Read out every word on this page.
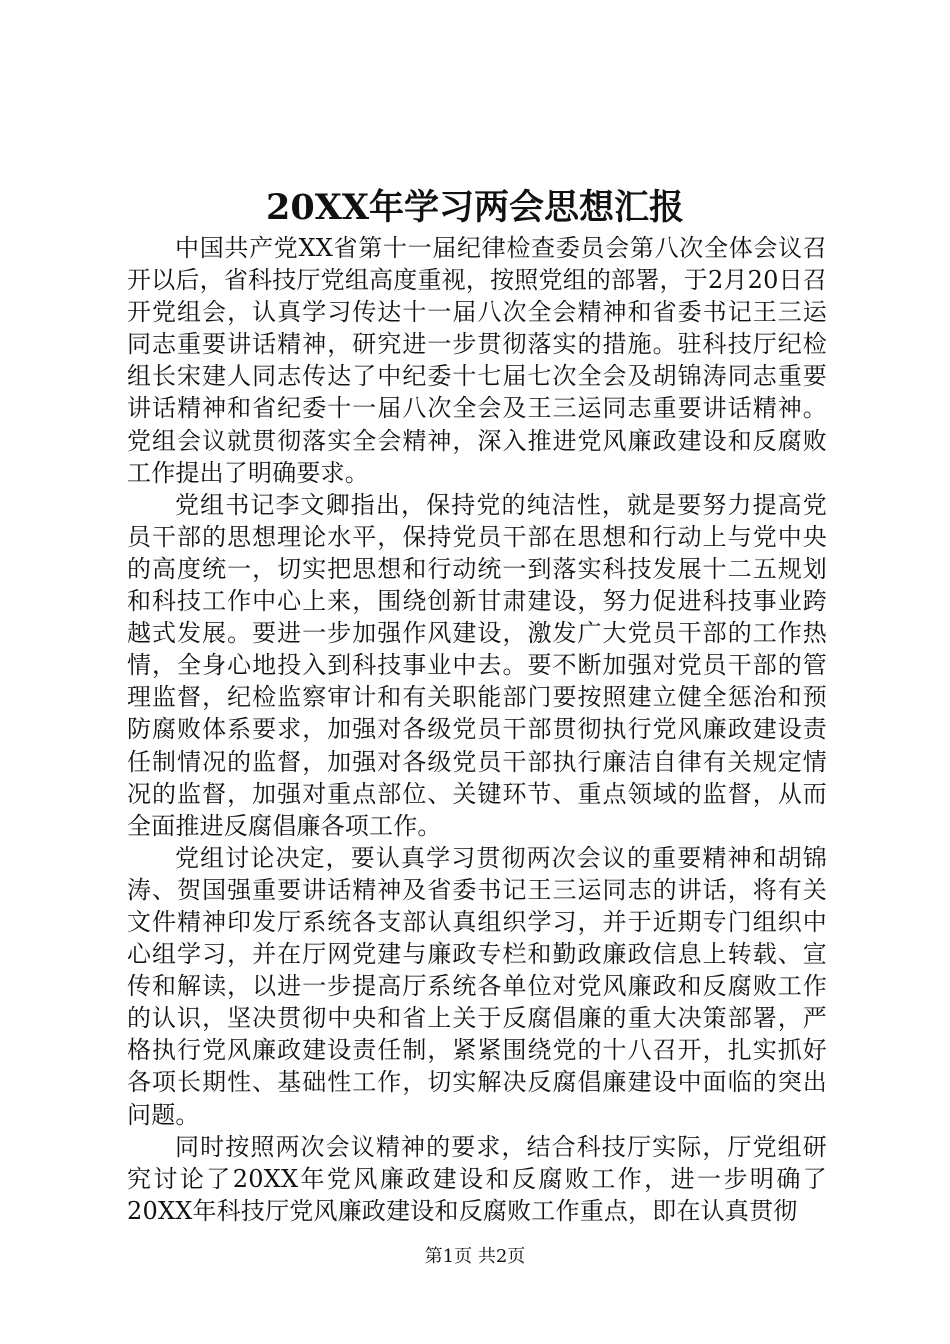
20XX年学习两会思想汇报

中国共产党XX省第十一届纪律检查委员会第八次全体会议召开以后，省科技厅党组高度重视，按照党组的部署，于2月20日召开党组会，认真学习传达十一届八次全会精神和省委书记王三运同志重要讲话精神，研究进一步贯彻落实的措施。驻科技厅纪检组长宋建人同志传达了中纪委十七届七次全会及胡锦涛同志重要讲话精神和省纪委十一届八次全会及王三运同志重要讲话精神。党组会议就贯彻落实全会精神，深入推进党风廉政建设和反腐败工作提出了明确要求。

党组书记李文卿指出，保持党的纯洁性，就是要努力提高党员干部的思想理论水平，保持党员干部在思想和行动上与党中央的高度统一，切实把思想和行动统一到落实科技发展十二五规划和科技工作中心上来，围绕创新甘肃建设，努力促进科技事业跨越式发展。要进一步加强作风建设，激发广大党员干部的工作热情，全身心地投入到科技事业中去。要不断加强对党员干部的管理监督，纪检监察审计和有关职能部门要按照建立健全惩治和预防腐败体系要求，加强对各级党员干部贯彻执行党风廉政建设责任制情况的监督，加强对各级党员干部执行廉洁自律有关规定情况的监督，加强对重点部位、关键环节、重点领域的监督，从而全面推进反腐倡廉各项工作。

党组讨论决定，要认真学习贯彻两次会议的重要精神和胡锦涛、贺国强重要讲话精神及省委书记王三运同志的讲话，将有关文件精神印发厅系统各支部认真组织学习，并于近期专门组织中心组学习，并在厅网党建与廉政专栏和勤政廉政信息上转载、宣传和解读，以进一步提高厅系统各单位对党风廉政和反腐败工作的认识，坚决贯彻中央和省上关于反腐倡廉的重大决策部署，严格执行党风廉政建设责任制，紧紧围绕党的十八召开，扎实抓好各项长期性、基础性工作，切实解决反腐倡廉建设中面临的突出问题。

同时按照两次会议精神的要求，结合科技厅实际，厅党组研究讨论了20XX年党风廉政建设和反腐败工作，进一步明确了20XX年科技厅党风廉政建设和反腐败工作重点，即在认真贯彻

第1页 共2页
